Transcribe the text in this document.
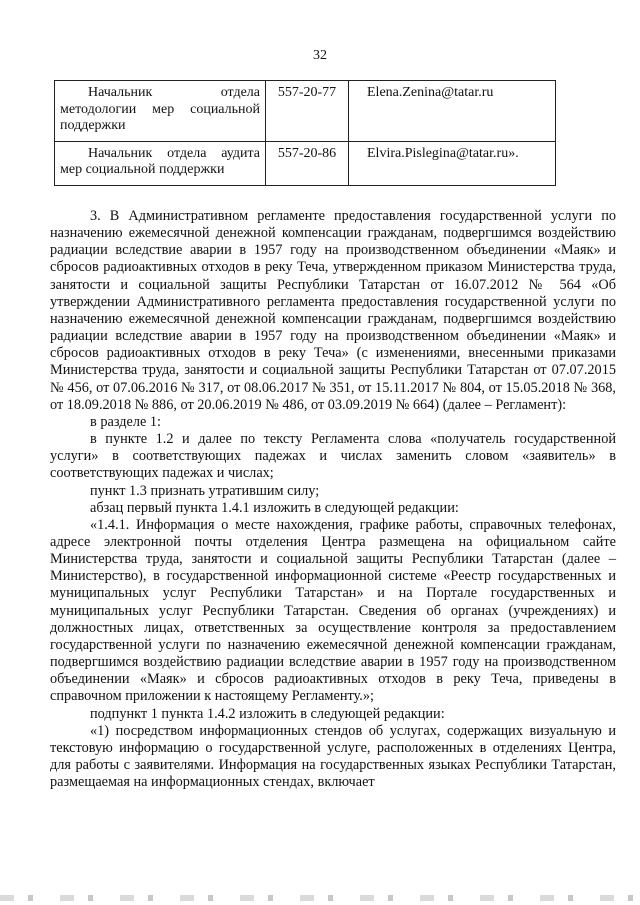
32
Начальник отдела методологии мер социальной поддержки	557-20-77	Elena.Zenina@tatar.ru
Начальник отдела аудита мер социальной поддержки	557-20-86	Elvira.Pislegina@tatar.ru».

3. В Административном регламенте предоставления государственной услуги по назначению ежемесячной денежной компенсации гражданам, подвергшимся воздействию радиации вследствие аварии в 1957 году на производственном объединении «Маяк» и сбросов радиоактивных отходов в реку Теча, утвержденном приказом Министерства труда, занятости и социальной защиты Республики Татарстан от 16.07.2012 № 564 «Об утверждении Административного регламента предоставления государственной услуги по назначению ежемесячной денежной компенсации гражданам, подвергшимся воздействию радиации вследствие аварии в 1957 году на производственном объединении «Маяк» и сбросов радиоактивных отходов в реку Теча» (с изменениями, внесенными приказами Министерства труда, занятости и социальной защиты Республики Татарстан от 07.07.2015 № 456, от 07.06.2016 № 317, от 08.06.2017 № 351, от 15.11.2017 № 804, от 15.05.2018 № 368, от 18.09.2018 № 886, от 20.06.2019 № 486, от 03.09.2019 № 664) (далее – Регламент):

в разделе 1:

в пункте 1.2 и далее по тексту Регламента слова «получатель государственной услуги» в соответствующих падежах и числах заменить словом «заявитель» в соответствующих падежах и числах;

пункт 1.3 признать утратившим силу;

абзац первый пункта 1.4.1 изложить в следующей редакции:

«1.4.1. Информация о месте нахождения, графике работы, справочных телефонах, адресе электронной почты отделения Центра размещена на официальном сайте Министерства труда, занятости и социальной защиты Республики Татарстан (далее – Министерство), в государственной информационной системе «Реестр государственных и муниципальных услуг Республики Татарстан» и на Портале государственных и муниципальных услуг Республики Татарстан. Сведения об органах (учреждениях) и должностных лицах, ответственных за осуществление контроля за предоставлением государственной услуги по назначению ежемесячной денежной компенсации гражданам, подвергшимся воздействию радиации вследствие аварии в 1957 году на производственном объединении «Маяк» и сбросов радиоактивных отходов в реку Теча, приведены в справочном приложении к настоящему Регламенту.»;

подпункт 1 пункта 1.4.2 изложить в следующей редакции:

«1) посредством информационных стендов об услугах, содержащих визуальную и текстовую информацию о государственной услуге, расположенных в отделениях Центра, для работы с заявителями. Информация на государственных языках Республики Татарстан, размещаемая на информационных стендах, включает
